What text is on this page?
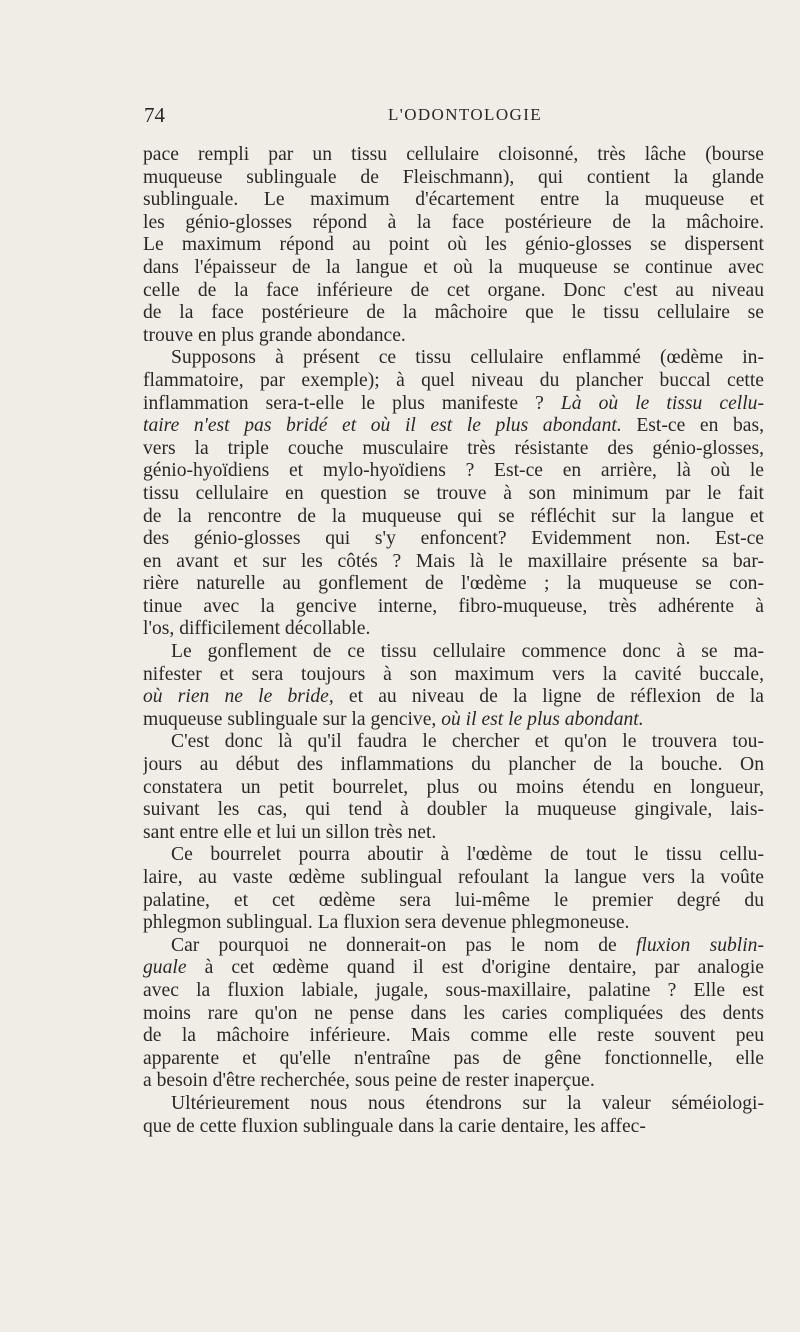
74	L'ODONTOLOGIE
pace rempli par un tissu cellulaire cloisonné, très lâche (bourse
muqueuse sublinguale de Fleischmann), qui contient la glande
sublinguale. Le maximum d'écartement entre la muqueuse et
les génio-glosses répond à la face postérieure de la mâchoire.
Le maximum répond au point où les génio-glosses se dispersent
dans l'épaisseur de la langue et où la muqueuse se continue avec
celle de la face inférieure de cet organe. Donc c'est au niveau
de la face postérieure de la mâchoire que le tissu cellulaire se
trouve en plus grande abondance.
Supposons à présent ce tissu cellulaire enflammé (œdème in-
flammatoire, par exemple); à quel niveau du plancher buccal cette
inflammation sera-t-elle le plus manifeste ? Là où le tissu cellu-
taire n'est pas bridé et où il est le plus abondant. Est-ce en bas,
vers la triple couche musculaire très résistante des génio-glosses,
génio-hyoïdiens et mylo-hyoïdiens ? Est-ce en arrière, là où le
tissu cellulaire en question se trouve à son minimum par le fait
de la rencontre de la muqueuse qui se réfléchit sur la langue et
des génio-glosses qui s'y enfoncent? Evidemment non. Est-ce
en avant et sur les côtés ? Mais là le maxillaire présente sa bar-
rière naturelle au gonflement de l'œdème ; la muqueuse se con-
tinue avec la gencive interne, fibro-muqueuse, très adhérente à
l'os, difficilement décollable.
Le gonflement de ce tissu cellulaire commence donc à se ma-
nifester et sera toujours à son maximum vers la cavité buccale,
où rien ne le bride, et au niveau de la ligne de réflexion de la
muqueuse sublinguale sur la gencive, où il est le plus abondant.
C'est donc là qu'il faudra le chercher et qu'on le trouvera tou-
jours au début des inflammations du plancher de la bouche. On
constatera un petit bourrelet, plus ou moins étendu en longueur,
suivant les cas, qui tend à doubler la muqueuse gingivale, lais-
sant entre elle et lui un sillon très net.
Ce bourrelet pourra aboutir à l'œdème de tout le tissu cellu-
laire, au vaste œdème sublingual refoulant la langue vers la voûte
palatine, et cet œdème sera lui-même le premier degré du
phlegmon sublingual. La fluxion sera devenue phlegmoneuse.
Car pourquoi ne donnerait-on pas le nom de fluxion sublin-
guale à cet œdème quand il est d'origine dentaire, par analogie
avec la fluxion labiale, jugale, sous-maxillaire, palatine ? Elle est
moins rare qu'on ne pense dans les caries compliquées des dents
de la mâchoire inférieure. Mais comme elle reste souvent peu
apparente et qu'elle n'entraîne pas de gêne fonctionnelle, elle
a besoin d'être recherchée, sous peine de rester inaperçue.
Ultérieurement nous nous étendrons sur la valeur séméiologi-
que de cette fluxion sublinguale dans la carie dentaire, les affec-
